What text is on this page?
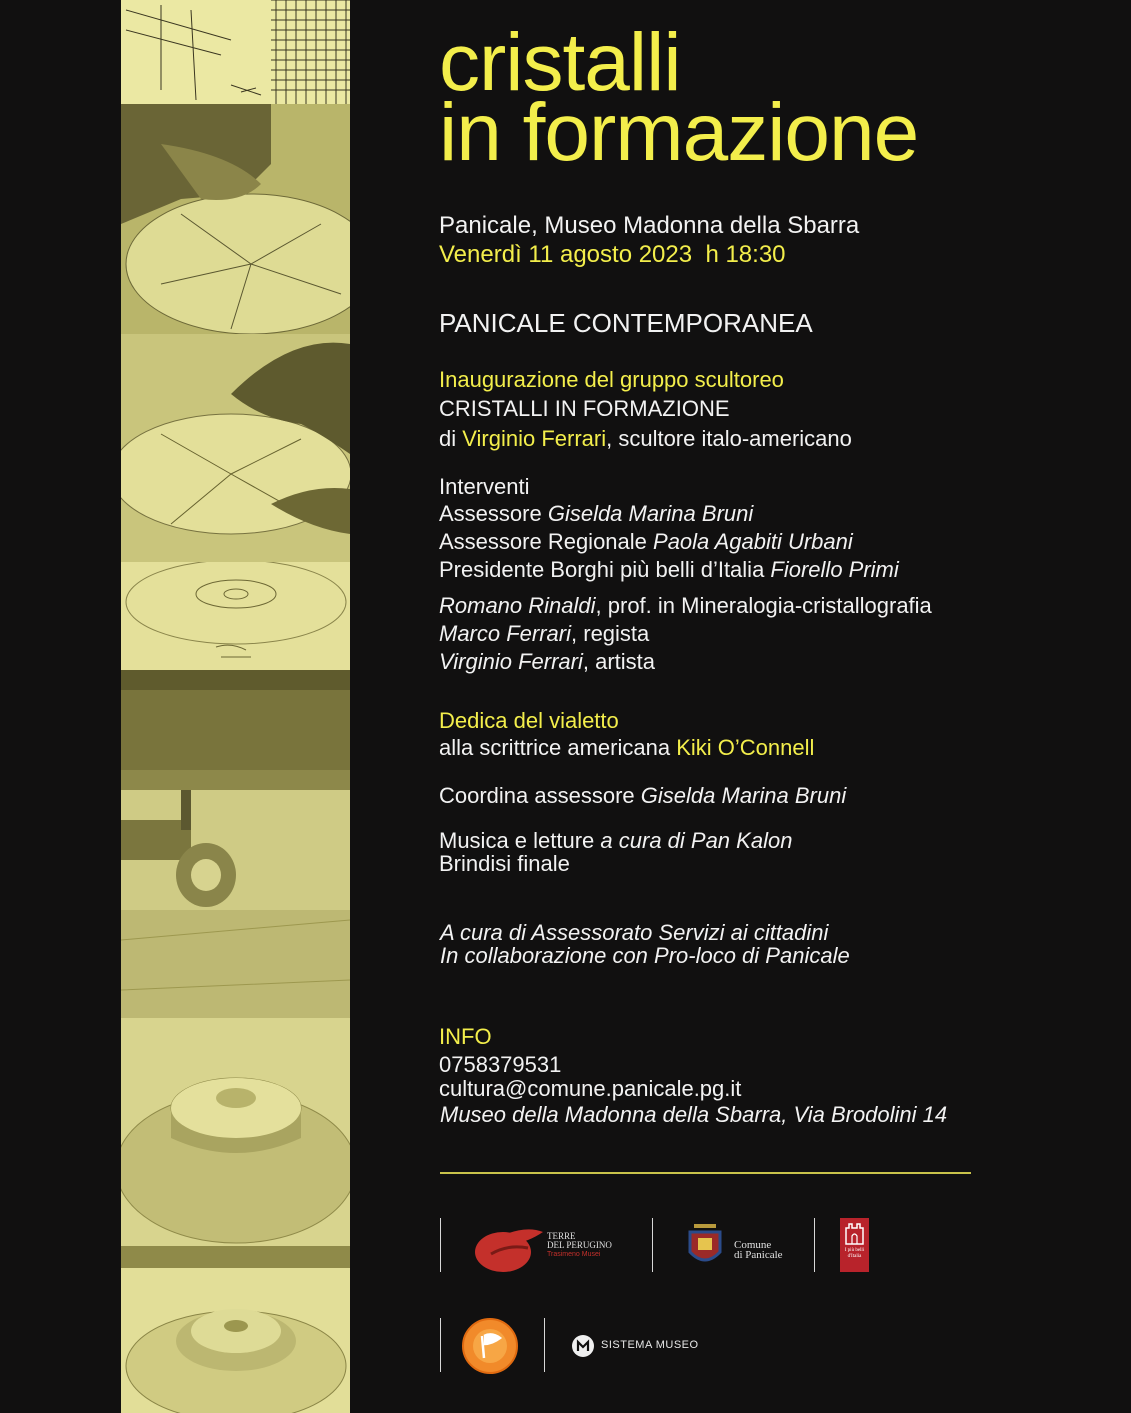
cristalli
in formazione
Panicale, Museo Madonna della Sbarra
Venerdì 11 agosto 2023  h 18:30
PANICALE CONTEMPORANEA
Inaugurazione del gruppo scultoreo
CRISTALLI IN FORMAZIONE
di Virginio Ferrari, scultore italo-americano
Interventi
Assessore Giselda Marina Bruni
Assessore Regionale Paola Agabiti Urbani
Presidente Borghi più belli d’Italia Fiorello Primi
Romano Rinaldi, prof. in Mineralogia-cristallografia
Marco Ferrari, regista
Virginio Ferrari, artista
Dedica del vialetto
alla scrittrice americana Kiki O’Connell
Coordina assessore Giselda Marina Bruni
Musica e letture a cura di Pan Kalon
Brindisi finale
A cura di Assessorato Servizi ai cittadini
In collaborazione con Pro-loco di Panicale
INFO
0758379531
cultura@comune.panicale.pg.it
Museo della Madonna della Sbarra, Via Brodolini 14
TERRE
DEL PERUGINO
Trasimeno Musei
Comune
di Panicale	I più belli d'Italia
SISTEMA MUSEO
